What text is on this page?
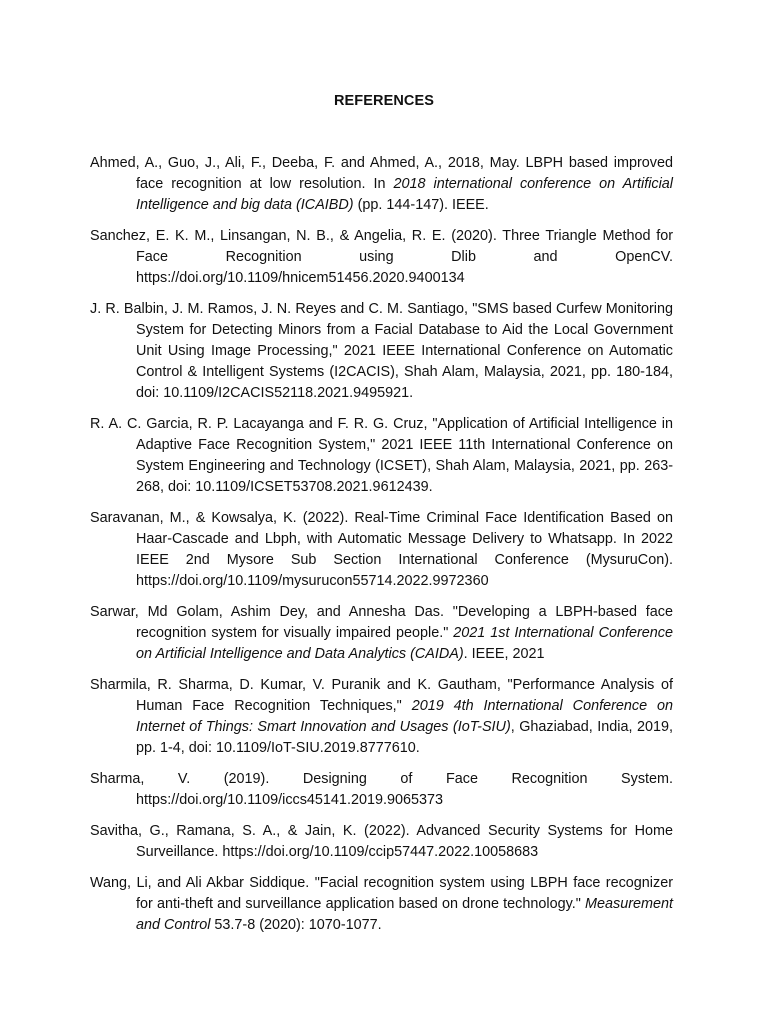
REFERENCES

Ahmed, A., Guo, J., Ali, F., Deeba, F. and Ahmed, A., 2018, May. LBPH based improved face recognition at low resolution. In 2018 international conference on Artificial Intelligence and big data (ICAIBD) (pp. 144-147). IEEE.

Sanchez, E. K. M., Linsangan, N. B., & Angelia, R. E. (2020). Three Triangle Method for Face Recognition using Dlib and OpenCV. https://doi.org/10.1109/hnicem51456.2020.9400134

J. R. Balbin, J. M. Ramos, J. N. Reyes and C. M. Santiago, "SMS based Curfew Monitoring System for Detecting Minors from a Facial Database to Aid the Local Government Unit Using Image Processing," 2021 IEEE International Conference on Automatic Control & Intelligent Systems (I2CACIS), Shah Alam, Malaysia, 2021, pp. 180-184, doi: 10.1109/I2CACIS52118.2021.9495921.

R. A. C. Garcia, R. P. Lacayanga and F. R. G. Cruz, "Application of Artificial Intelligence in Adaptive Face Recognition System," 2021 IEEE 11th International Conference on System Engineering and Technology (ICSET), Shah Alam, Malaysia, 2021, pp. 263-268, doi: 10.1109/ICSET53708.2021.9612439.

Saravanan, M., & Kowsalya, K. (2022). Real-Time Criminal Face Identification Based on Haar-Cascade and Lbph, with Automatic Message Delivery to Whatsapp. In 2022 IEEE 2nd Mysore Sub Section International Conference (MysuruCon). https://doi.org/10.1109/mysurucon55714.2022.9972360

Sarwar, Md Golam, Ashim Dey, and Annesha Das. "Developing a LBPH-based face recognition system for visually impaired people." 2021 1st International Conference on Artificial Intelligence and Data Analytics (CAIDA). IEEE, 2021

Sharmila, R. Sharma, D. Kumar, V. Puranik and K. Gautham, "Performance Analysis of Human Face Recognition Techniques," 2019 4th International Conference on Internet of Things: Smart Innovation and Usages (IoT-SIU), Ghaziabad, India, 2019, pp. 1-4, doi: 10.1109/IoT-SIU.2019.8777610.

Sharma, V. (2019). Designing of Face Recognition System. https://doi.org/10.1109/iccs45141.2019.9065373

Savitha, G., Ramana, S. A., & Jain, K. (2022). Advanced Security Systems for Home Surveillance. https://doi.org/10.1109/ccip57447.2022.10058683

Wang, Li, and Ali Akbar Siddique. "Facial recognition system using LBPH face recognizer for anti-theft and surveillance application based on drone technology." Measurement and Control 53.7-8 (2020): 1070-1077.
